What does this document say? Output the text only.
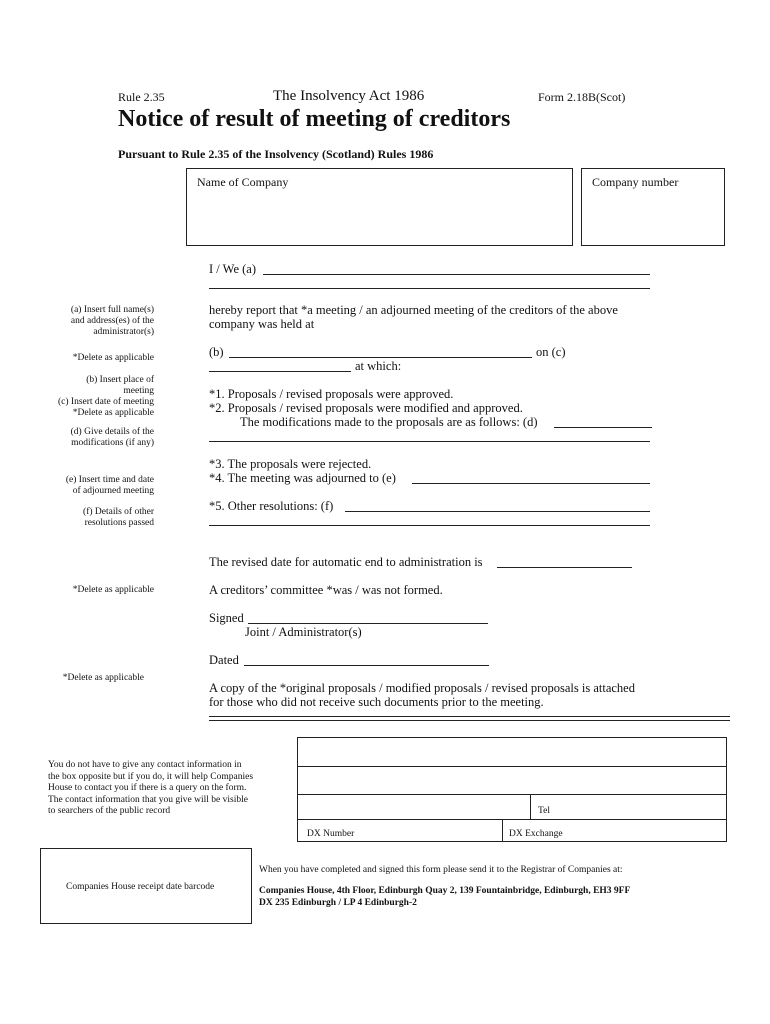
Rule 2.35	The Insolvency Act 1986	Form 2.18B(Scot)
Notice of result of meeting of creditors
Pursuant to Rule 2.35 of the Insolvency (Scotland) Rules 1986
Name of Company	Company number
I / We (a)
(a) Insert full name(s)
and address(es) of the
administrator(s)
*Delete as applicable
(b) Insert place of
meeting
(c) Insert date of meeting
*Delete as applicable
(d) Give details of the
modifications (if any)
(e) Insert time and date
of adjourned meeting
(f) Details of other
resolutions passed
*Delete as applicable
*Delete as applicable
hereby report that *a meeting / an adjourned meeting of the creditors of the above
company was held at
(b)	on (c)
at which:
*1. Proposals / revised proposals were approved.
*2. Proposals / revised proposals were modified and approved.
The modifications made to the proposals are as follows: (d)
*3. The proposals were rejected.
*4. The meeting was adjourned to (e)
*5. Other resolutions: (f)
The revised date for automatic end to administration is
A creditors’ committee *was / was not formed.
Signed
Joint / Administrator(s)
Dated
A copy of the *original proposals / modified proposals / revised proposals is attached
for those who did not receive such documents prior to the meeting.
You do not have to give any contact information in
the box opposite but if you do, it will help Companies
House to contact you if there is a query on the form.
The contact information that you give will be visible
to searchers of the public record	Tel
DX Number	DX Exchange
Companies House receipt date barcode
When you have completed and signed this form please send it to the Registrar of Companies at:
Companies House, 4th Floor, Edinburgh Quay 2, 139 Fountainbridge, Edinburgh, EH3 9FF
DX 235 Edinburgh / LP 4 Edinburgh-2
